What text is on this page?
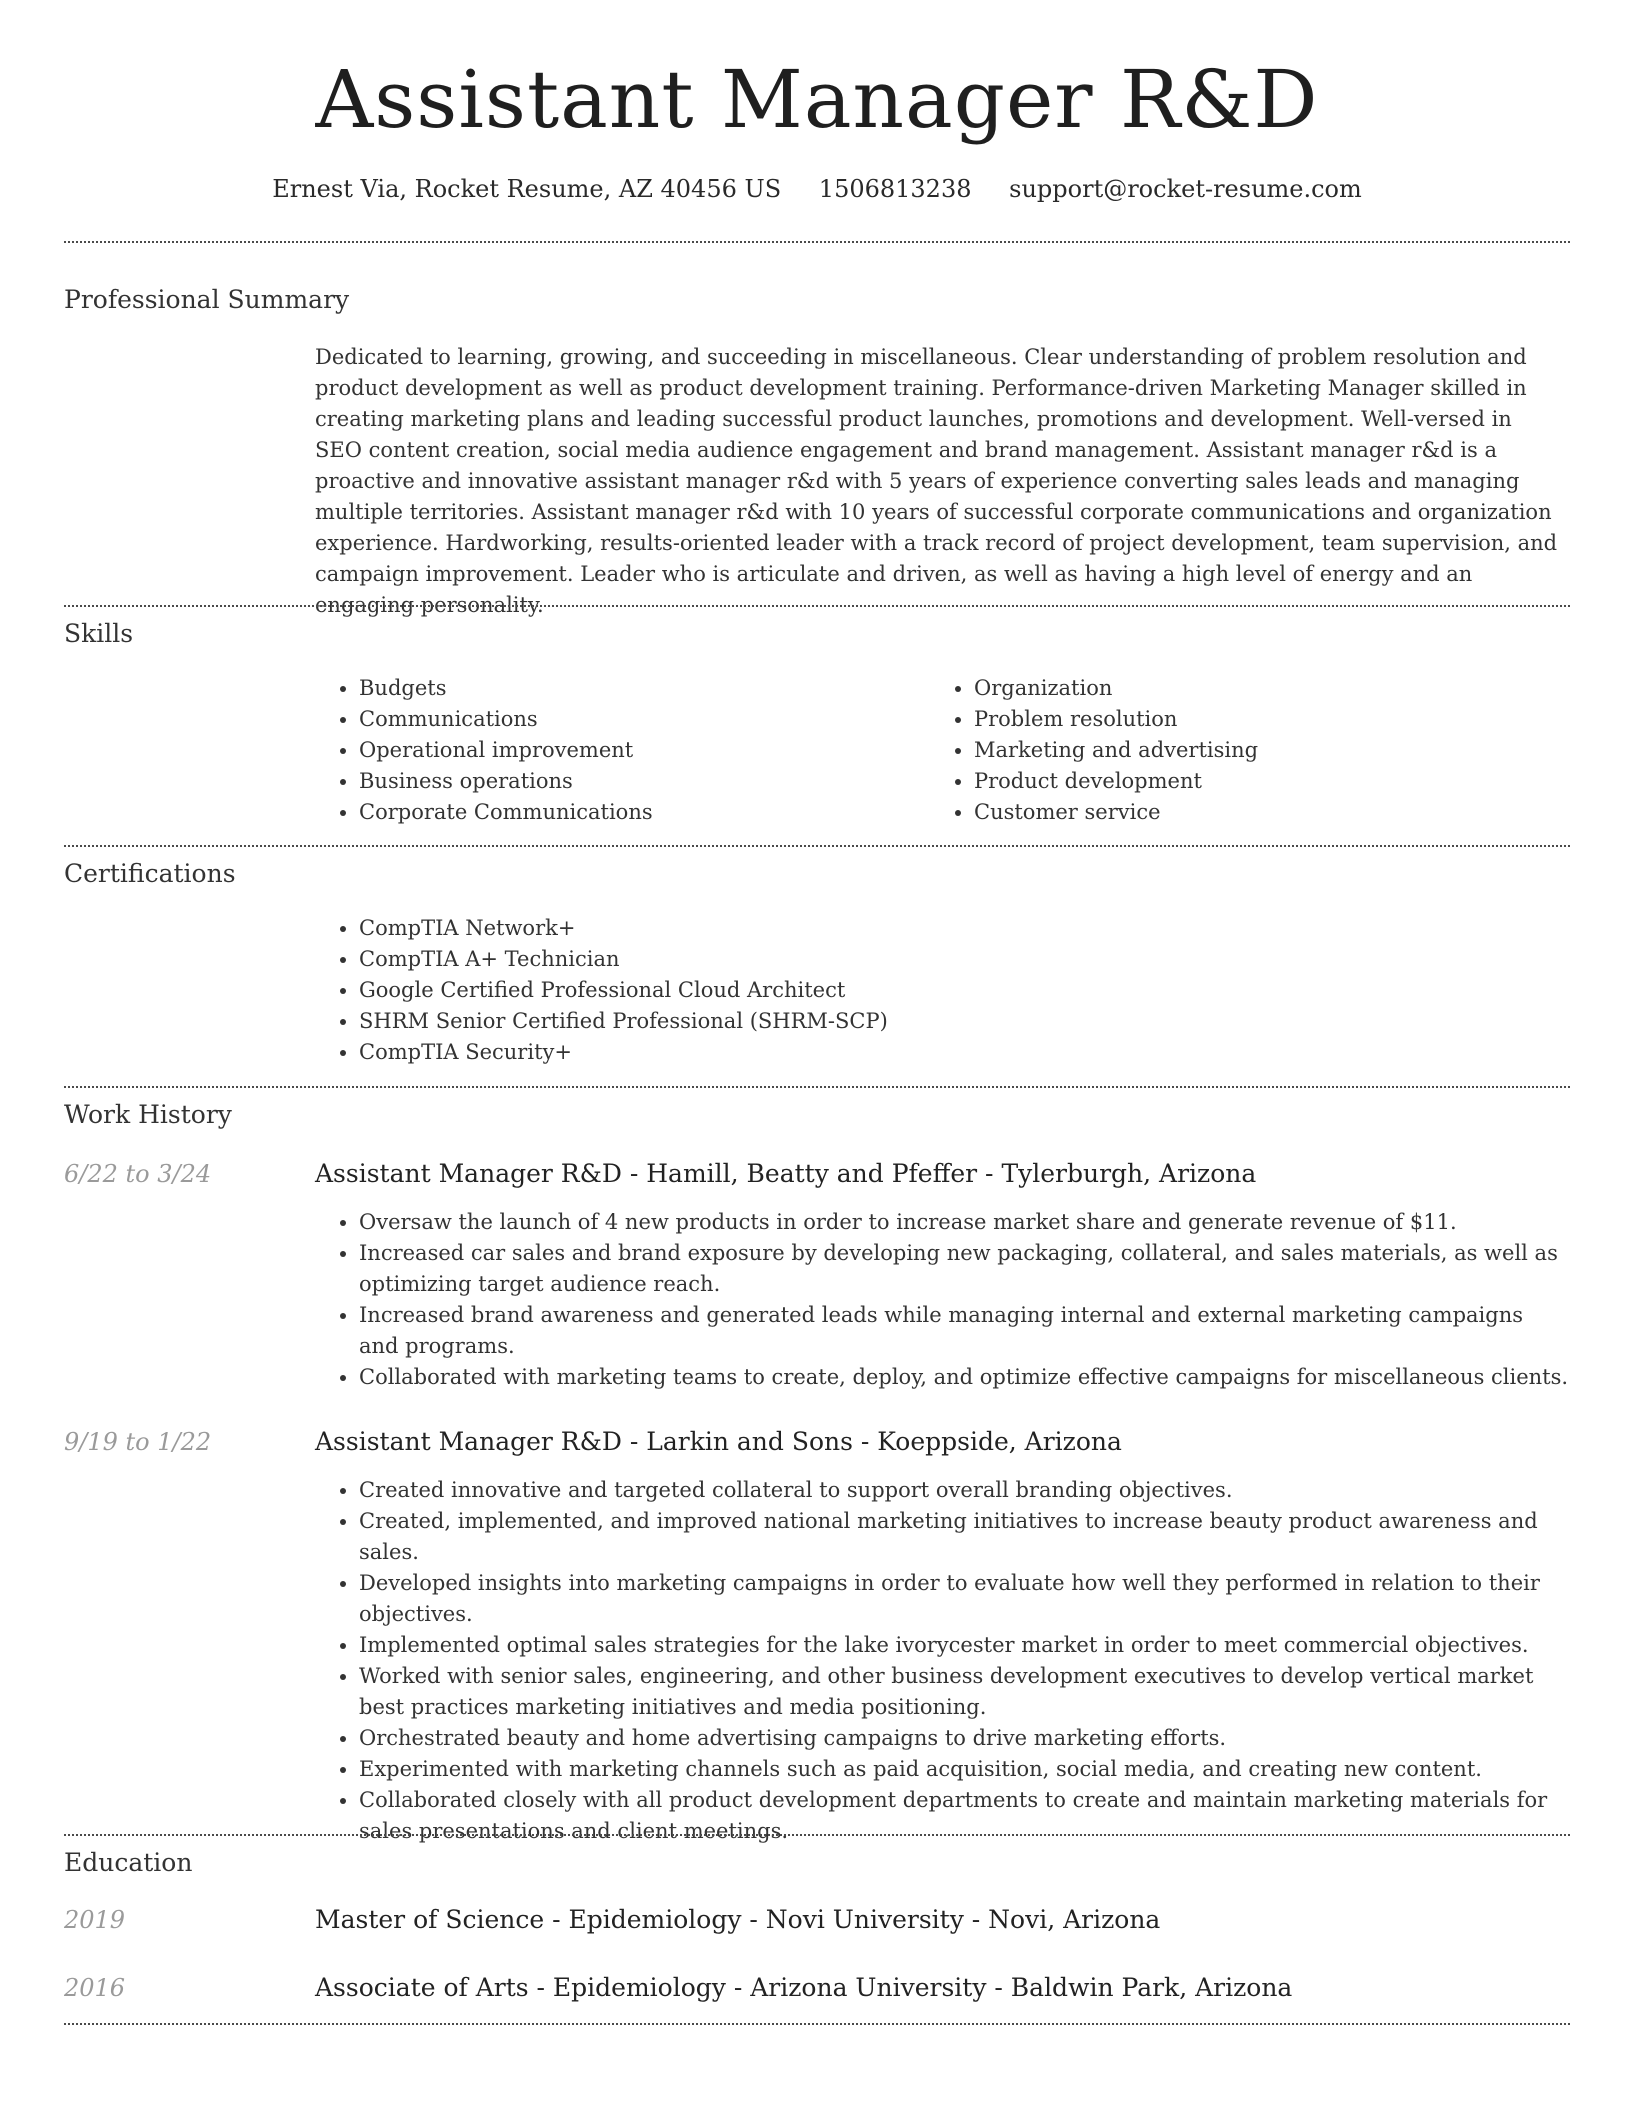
Assistant Manager R&D
Ernest Via, Rocket Resume, AZ 40456 US 1506813238 support@rocket-resume.com
Professional Summary

Dedicated to learning, growing, and succeeding in miscellaneous. Clear understanding of problem resolution and product development as well as product development training. Performance-driven Marketing Manager skilled in creating marketing plans and leading successful product launches, promotions and development. Well-versed in SEO content creation, social media audience engagement and brand management. Assistant manager r&d is a proactive and innovative assistant manager r&d with 5 years of experience converting sales leads and managing multiple territories. Assistant manager r&d with 10 years of successful corporate communications and organization experience. Hardworking, results-oriented leader with a track record of project development, team supervision, and campaign improvement. Leader who is articulate and driven, as well as having a high level of energy and an engaging personality.

Skills
• Budgets
• Communications
• Operational improvement
• Business operations
• Corporate Communications
• Organization
• Problem resolution
• Marketing and advertising
• Product development
• Customer service
Certifications
• CompTIA Network+
• CompTIA A+ Technician
• Google Certified Professional Cloud Architect
• SHRM Senior Certified Professional (SHRM-SCP)
• CompTIA Security+
Work History
6/22 to 3/24	Assistant Manager R&D - Hamill, Beatty and Pfeffer - Tylerburgh, Arizona
• Oversaw the launch of 4 new products in order to increase market share and generate revenue of $11.
• Increased car sales and brand exposure by developing new packaging, collateral, and sales materials, as well as optimizing target audience reach.
• Increased brand awareness and generated leads while managing internal and external marketing campaigns and programs.
• Collaborated with marketing teams to create, deploy, and optimize effective campaigns for miscellaneous clients.
9/19 to 1/22	Assistant Manager R&D - Larkin and Sons - Koeppside, Arizona
• Created innovative and targeted collateral to support overall branding objectives.
• Created, implemented, and improved national marketing initiatives to increase beauty product awareness and sales.
• Developed insights into marketing campaigns in order to evaluate how well they performed in relation to their objectives.
• Implemented optimal sales strategies for the lake ivorycester market in order to meet commercial objectives.
• Worked with senior sales, engineering, and other business development executives to develop vertical market best practices marketing initiatives and media positioning.
• Orchestrated beauty and home advertising campaigns to drive marketing efforts.
• Experimented with marketing channels such as paid acquisition, social media, and creating new content.
• Collaborated closely with all product development departments to create and maintain marketing materials for sales presentations and client meetings.
Education
2019	Master of Science - Epidemiology - Novi University - Novi, Arizona
2016	Associate of Arts - Epidemiology - Arizona University - Baldwin Park, Arizona
